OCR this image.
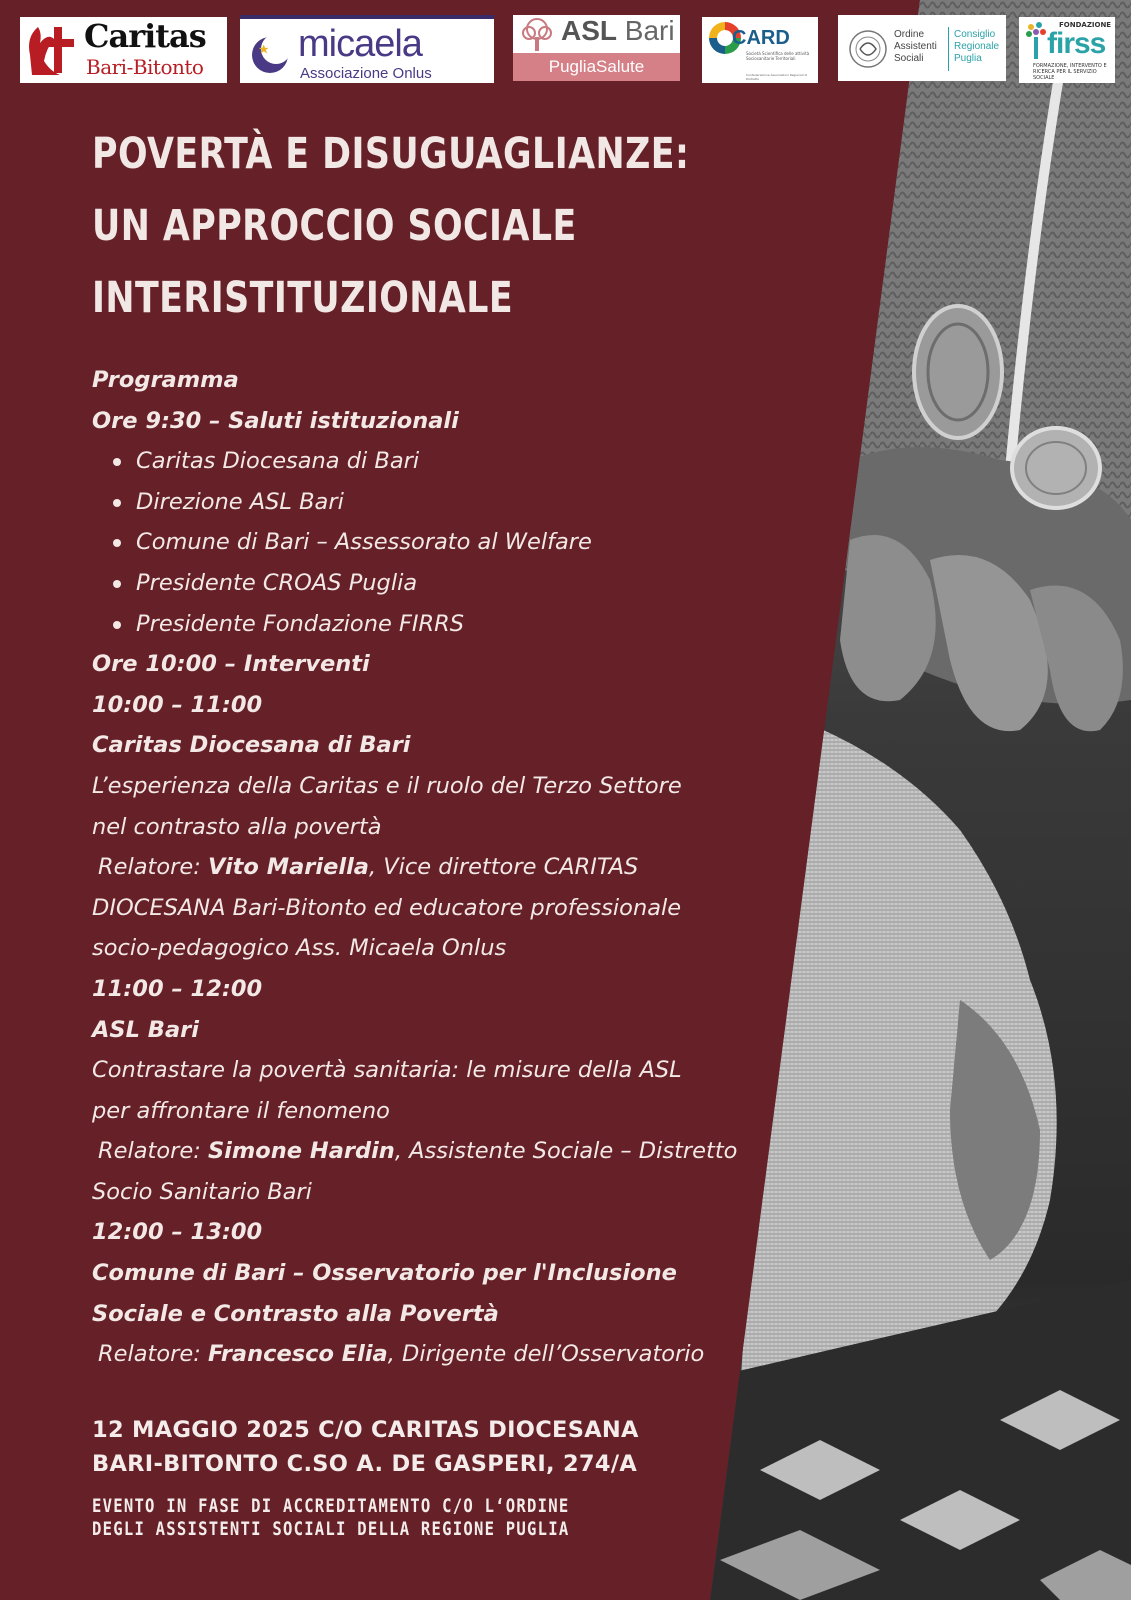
Caritas
Bari-Bitonto
micaela
Associazione Onlus
ASL Bari
PugliaSalute
CARD
Società Scientifica delle attività Sociosanitarie Territoriali
Confederazione Associazioni Regionali di Distretto
Ordine
Assistenti
Sociali
Consiglio
Regionale
Puglia
FONDAZIONE
firss
FORMAZIONE, INTERVENTO E RICERCA PER IL SERVIZIO SOCIALE
POVERTÀ E DISUGUAGLIANZE:
UN APPROCCIO SOCIALE
INTERISTITUZIONALE
Programma
Ore 9:30 – Saluti istituzionali
Caritas Diocesana di Bari
Direzione ASL Bari
Comune di Bari – Assessorato al Welfare
Presidente CROAS Puglia
Presidente Fondazione FIRRS
Ore 10:00 – Interventi
10:00 – 11:00
Caritas Diocesana di Bari
L’esperienza della Caritas e il ruolo del Terzo Settore
nel contrasto alla povertà
Relatore: Vito Mariella, Vice direttore CARITAS
DIOCESANA Bari-Bitonto ed educatore professionale
socio-pedagogico Ass. Micaela Onlus
11:00 – 12:00
ASL Bari
Contrastare la povertà sanitaria: le misure della ASL
per affrontare il fenomeno
Relatore: Simone Hardin, Assistente Sociale – Distretto
Socio Sanitario Bari
12:00 – 13:00
Comune di Bari – Osservatorio per l'Inclusione
Sociale e Contrasto alla Povertà
Relatore: Francesco Elia, Dirigente dell’Osservatorio
12 MAGGIO 2025 C/O CARITAS DIOCESANA
BARI-BITONTO C.SO A. DE GASPERI, 274/A
EVENTO IN FASE DI ACCREDITAMENTO C/O L‘ORDINE
DEGLI ASSISTENTI SOCIALI DELLA REGIONE PUGLIA
